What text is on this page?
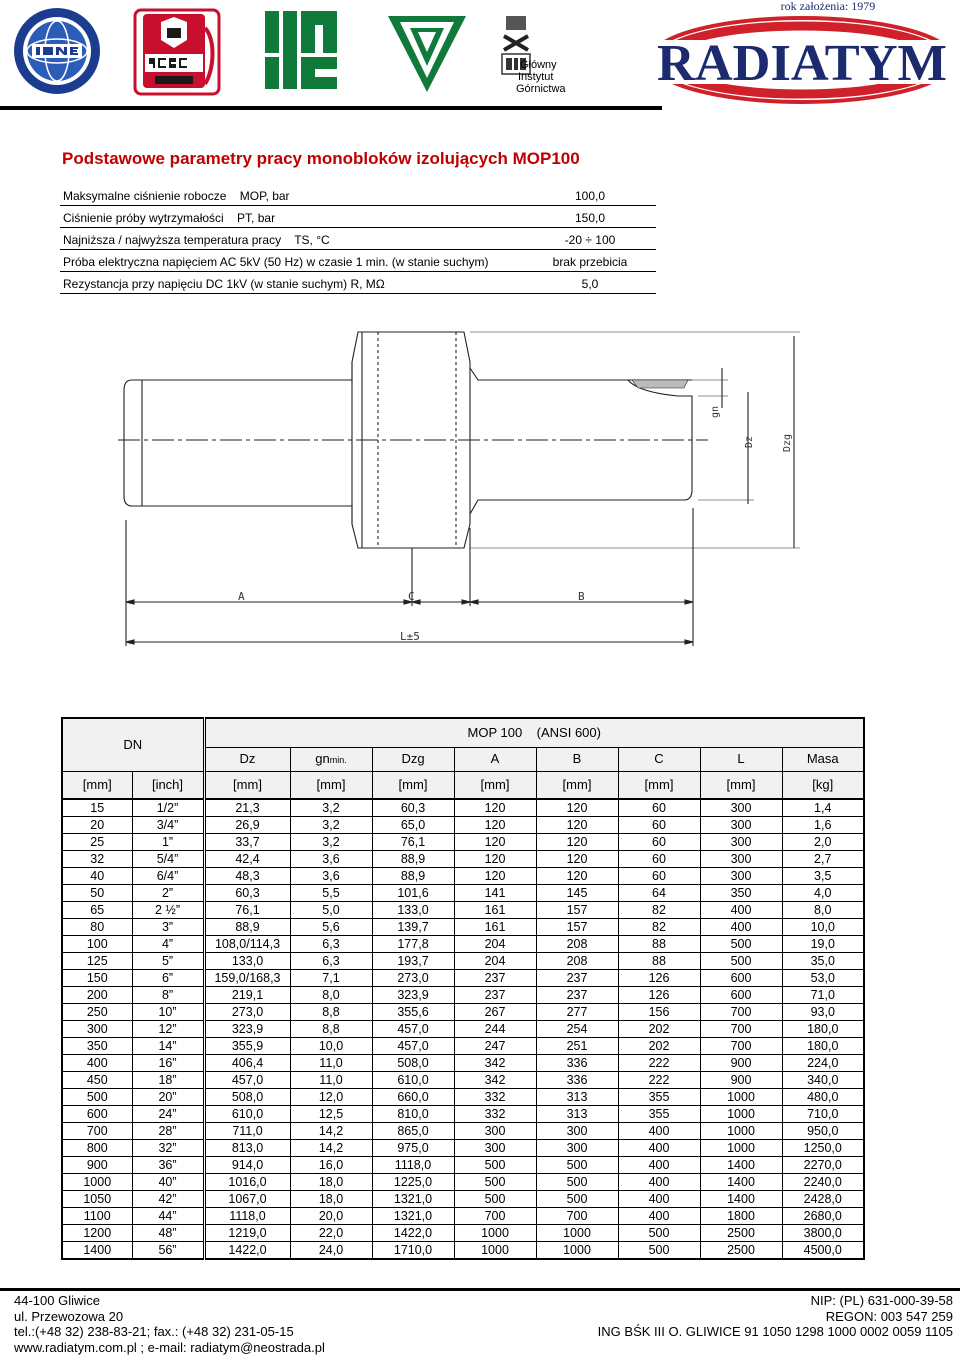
Główny
Instytut
Górnictwa RADIATYM
rok założenia: 1979
Podstawowe parametry pracy monobloków izolujących MOP100
Maksymalne ciśnienie robocze    MOP, bar	100,0
Ciśnienie próby wytrzymałości    PT, bar	150,0
Najniższa / najwyższa temperatura pracy    TS, °C	-20 ÷ 100
Próba elektryczna napięciem AC 5kV (50 Hz) w czasie 1 min. (w stanie suchym)	brak przebicia
Rezystancja przy napięciu DC 1kV (w stanie suchym) R, MΩ	5,0
A	C	B
L±5
gn
Dz	Dzg
DN		MOP 100    (ANSI 600)							
		Dz	gnmin.	Dzg	A	B	C	L	Masa
[mm]	[inch]	[mm]	[mm]	[mm]	[mm]	[mm]	[mm]	[mm]	[kg]
15	1/2”	21,3	3,2	60,3	120	120	60	300	1,4
20	3/4”	26,9	3,2	65,0	120	120	60	300	1,6
25	1”	33,7	3,2	76,1	120	120	60	300	2,0
32	5/4”	42,4	3,6	88,9	120	120	60	300	2,7
40	6/4”	48,3	3,6	88,9	120	120	60	300	3,5
50	2”	60,3	5,5	101,6	141	145	64	350	4,0
65	2 ½”	76,1	5,0	133,0	161	157	82	400	8,0
80	3”	88,9	5,6	139,7	161	157	82	400	10,0
100	4”	108,0/114,3	6,3	177,8	204	208	88	500	19,0
125	5”	133,0	6,3	193,7	204	208	88	500	35,0
150	6”	159,0/168,3	7,1	273,0	237	237	126	600	53,0
200	8”	219,1	8,0	323,9	237	237	126	600	71,0
250	10”	273,0	8,8	355,6	267	277	156	700	93,0
300	12”	323,9	8,8	457,0	244	254	202	700	180,0
350	14”	355,9	10,0	457,0	247	251	202	700	180,0
400	16”	406,4	11,0	508,0	342	336	222	900	224,0
450	18”	457,0	11,0	610,0	342	336	222	900	340,0
500	20”	508,0	12,0	660,0	332	313	355	1000	480,0
600	24”	610,0	12,5	810,0	332	313	355	1000	710,0
700	28”	711,0	14,2	865,0	300	300	400	1000	950,0
800	32”	813,0	14,2	975,0	300	300	400	1000	1250,0
900	36”	914,0	16,0	1118,0	500	500	400	1400	2270,0
1000	40”	1016,0	18,0	1225,0	500	500	400	1400	2240,0
1050	42”	1067,0	18,0	1321,0	500	500	400	1400	2428,0
1100	44”	1118,0	20,0	1321,0	700	700	400	1800	2680,0
1200	48”	1219,0	22,0	1422,0	1000	1000	500	2500	3800,0
1400	56”	1422,0	24,0	1710,0	1000	1000	500	2500	4500,0
44-100 Gliwice
ul. Przewozowa 20
tel.:(+48 32) 238-83-21; fax.: (+48 32) 231-05-15
www.radiatym.com.pl ; e-mail: radiatym@neostrada.pl
NIP: (PL) 631-000-39-58
REGON: 003 547 259
ING BŚK III O. GLIWICE 91 1050 1298 1000 0002 0059 1105
